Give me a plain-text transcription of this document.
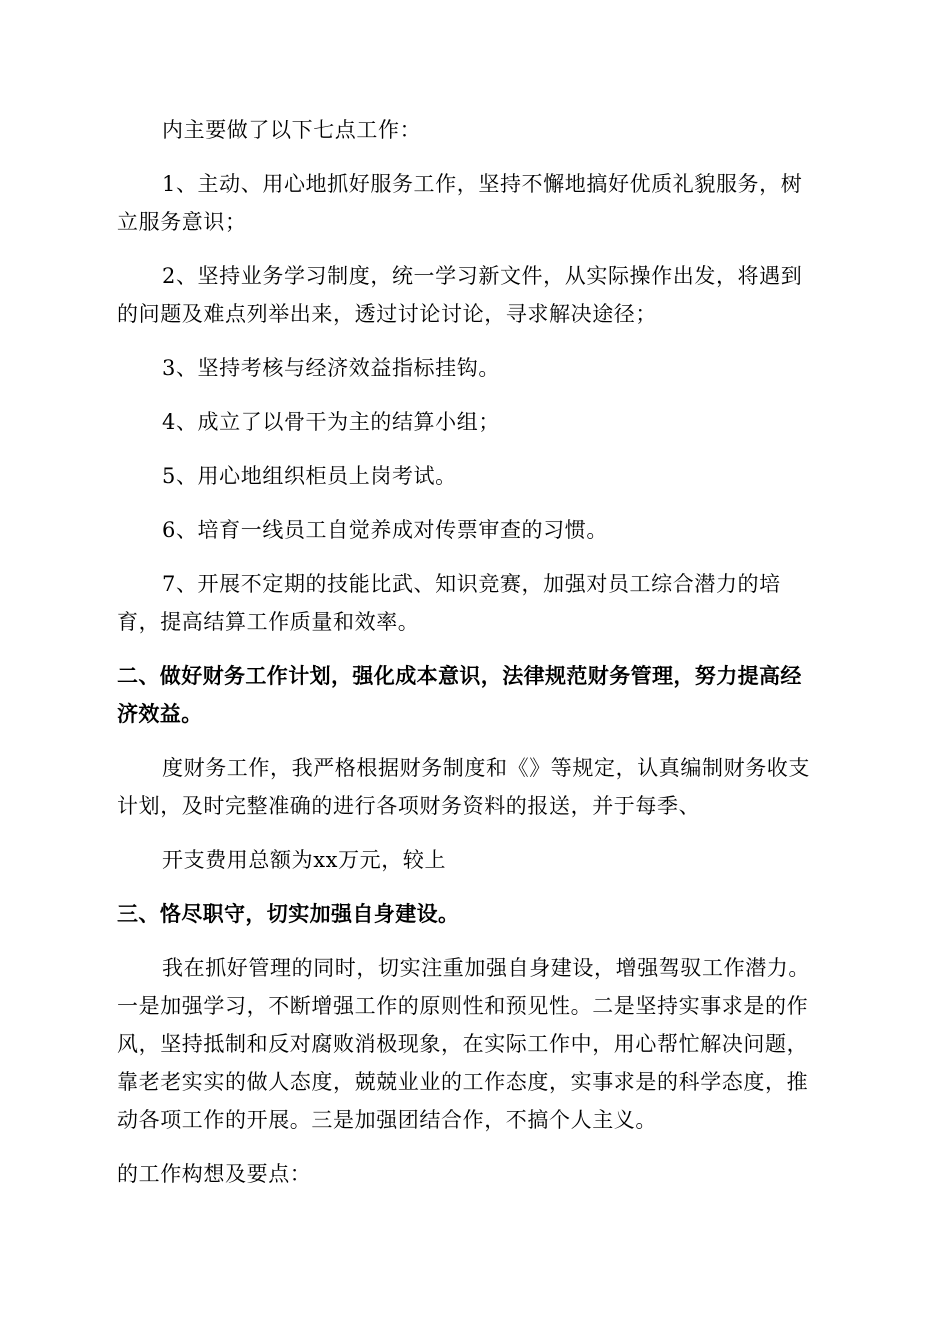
内主要做了以下七点工作：
1、主动、用心地抓好服务工作，坚持不懈地搞好优质礼貌服务，树
立服务意识；
2、坚持业务学习制度，统一学习新文件，从实际操作出发，将遇到
的问题及难点列举出来，透过讨论讨论，寻求解决途径；
3、坚持考核与经济效益指标挂钩。
4、成立了以骨干为主的结算小组；
5、用心地组织柜员上岗考试。
6、培育一线员工自觉养成对传票审查的习惯。
7、开展不定期的技能比武、知识竞赛，加强对员工综合潜力的培
育，提高结算工作质量和效率。
二、做好财务工作计划，强化成本意识，法律规范财务管理，努力提高经
济效益。
度财务工作，我严格根据财务制度和《》等规定，认真编制财务收支
计划，及时完整准确的进行各项财务资料的报送，并于每季、
开支费用总额为xx万元，较上
三、恪尽职守，切实加强自身建设。
我在抓好管理的同时，切实注重加强自身建设，增强驾驭工作潜力。
一是加强学习，不断增强工作的原则性和预见性。二是坚持实事求是的作
风，坚持抵制和反对腐败消极现象，在实际工作中，用心帮忙解决问题，
靠老老实实的做人态度，兢兢业业的工作态度，实事求是的科学态度，推
动各项工作的开展。三是加强团结合作，不搞个人主义。
的工作构想及要点：
